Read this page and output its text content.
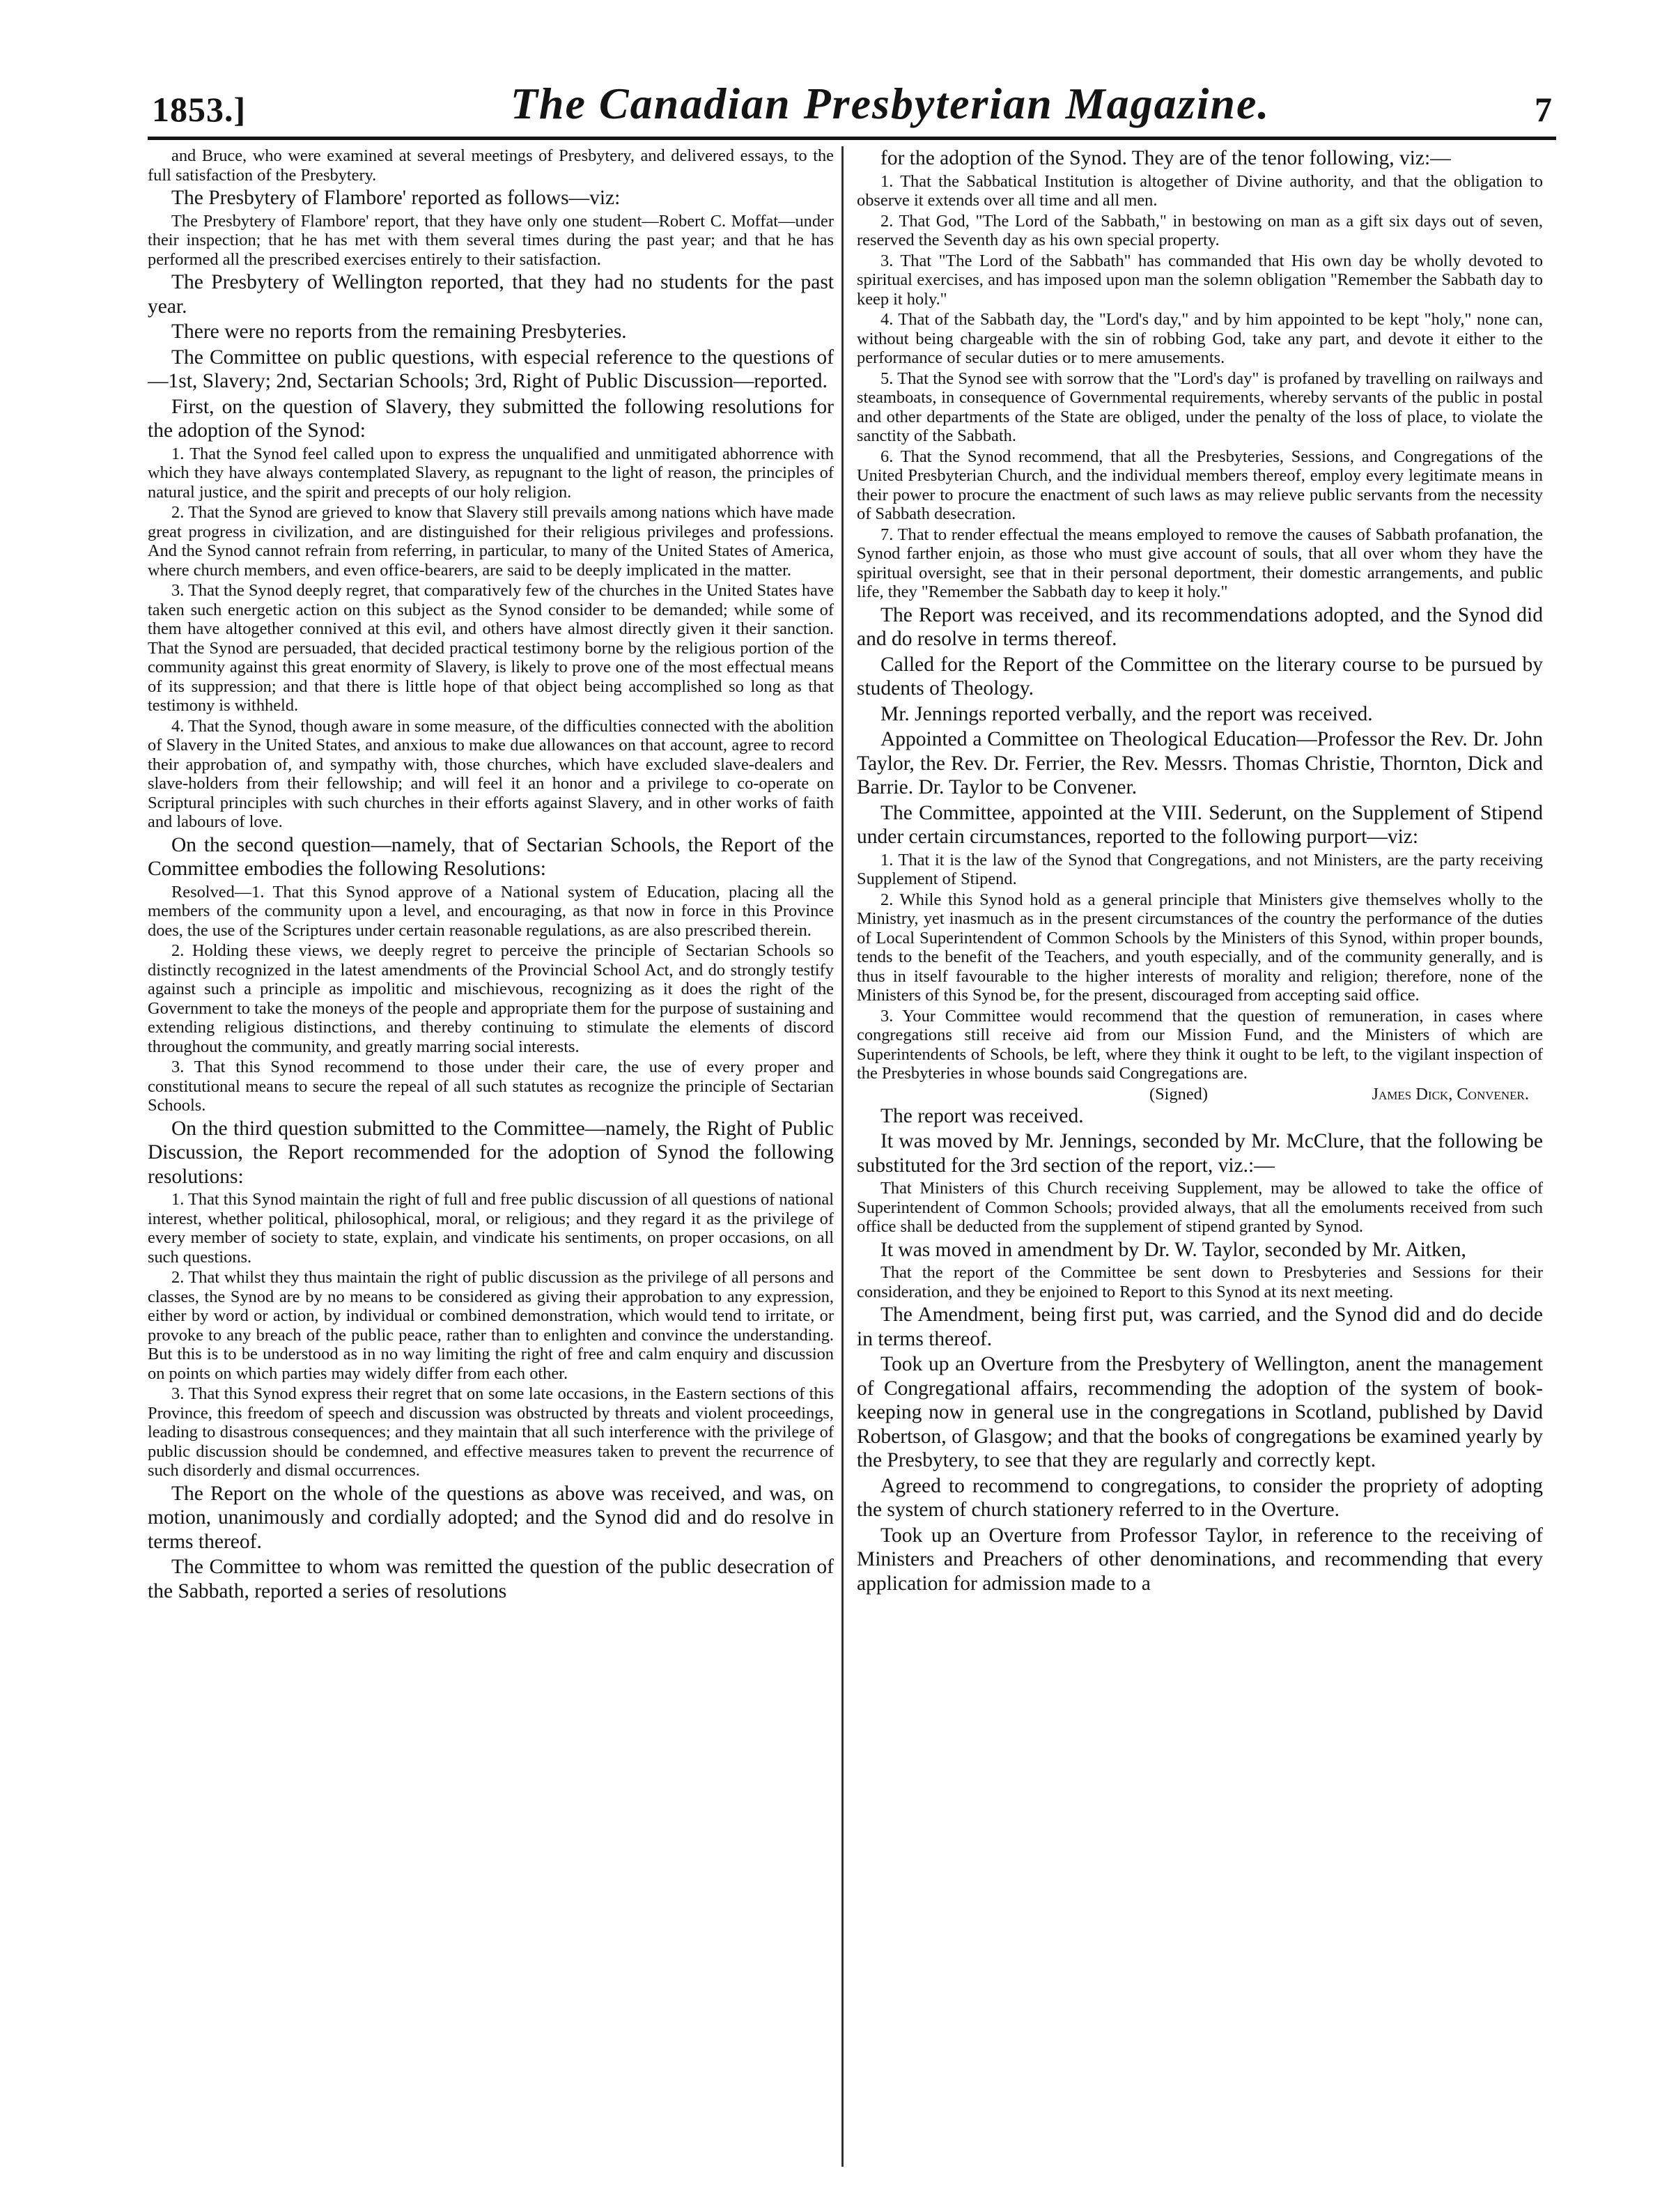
1853.]	The Canadian Presbyterian Magazine.	7

and Bruce, who were examined at several meetings of Presbytery, and delivered essays, to the full satisfaction of the Presbytery.

The Presbytery of Flambore' reported as follows—viz:

The Presbytery of Flambore' report, that they have only one student—Robert C. Moffat—under their inspection; that he has met with them several times during the past year; and that he has performed all the prescribed exercises entirely to their satisfaction.

The Presbytery of Wellington reported, that they had no students for the past year.

There were no reports from the remaining Presbyteries.

The Committee on public questions, with especial reference to the questions of—1st, Slavery; 2nd, Sectarian Schools; 3rd, Right of Public Discussion—reported.

First, on the question of Slavery, they submitted the following resolutions for the adoption of the Synod:

1. That the Synod feel called upon to express the unqualified and unmitigated abhorrence with which they have always contemplated Slavery, as repugnant to the light of reason, the principles of natural justice, and the spirit and precepts of our holy religion.

2. That the Synod are grieved to know that Slavery still prevails among nations which have made great progress in civilization, and are distinguished for their religious privileges and professions. And the Synod cannot refrain from referring, in particular, to many of the United States of America, where church members, and even office-bearers, are said to be deeply implicated in the matter.

3. That the Synod deeply regret, that comparatively few of the churches in the United States have taken such energetic action on this subject as the Synod consider to be demanded; while some of them have altogether connived at this evil, and others have almost directly given it their sanction. That the Synod are persuaded, that decided practical testimony borne by the religious portion of the community against this great enormity of Slavery, is likely to prove one of the most effectual means of its suppression; and that there is little hope of that object being accomplished so long as that testimony is withheld.

4. That the Synod, though aware in some measure, of the difficulties connected with the abolition of Slavery in the United States, and anxious to make due allowances on that account, agree to record their approbation of, and sympathy with, those churches, which have excluded slave-dealers and slave-holders from their fellowship; and will feel it an honor and a privilege to co-operate on Scriptural principles with such churches in their efforts against Slavery, and in other works of faith and labours of love.

On the second question—namely, that of Sectarian Schools, the Report of the Committee embodies the following Resolutions:

Resolved—1. That this Synod approve of a National system of Education, placing all the members of the community upon a level, and encouraging, as that now in force in this Province does, the use of the Scriptures under certain reasonable regulations, as are also prescribed therein.

2. Holding these views, we deeply regret to perceive the principle of Sectarian Schools so distinctly recognized in the latest amendments of the Provincial School Act, and do strongly testify against such a principle as impolitic and mischievous, recognizing as it does the right of the Government to take the moneys of the people and appropriate them for the purpose of sustaining and extending religious distinctions, and thereby continuing to stimulate the elements of discord throughout the community, and greatly marring social interests.

3. That this Synod recommend to those under their care, the use of every proper and constitutional means to secure the repeal of all such statutes as recognize the principle of Sectarian Schools.

On the third question submitted to the Committee—namely, the Right of Public Discussion, the Report recommended for the adoption of Synod the following resolutions:

1. That this Synod maintain the right of full and free public discussion of all questions of national interest, whether political, philosophical, moral, or religious; and they regard it as the privilege of every member of society to state, explain, and vindicate his sentiments, on proper occasions, on all such questions.

2. That whilst they thus maintain the right of public discussion as the privilege of all persons and classes, the Synod are by no means to be considered as giving their approbation to any expression, either by word or action, by individual or combined demonstration, which would tend to irritate, or provoke to any breach of the public peace, rather than to enlighten and convince the understanding. But this is to be understood as in no way limiting the right of free and calm enquiry and discussion on points on which parties may widely differ from each other.

3. That this Synod express their regret that on some late occasions, in the Eastern sections of this Province, this freedom of speech and discussion was obstructed by threats and violent proceedings, leading to disastrous consequences; and they maintain that all such interference with the privilege of public discussion should be condemned, and effective measures taken to prevent the recurrence of such disorderly and dismal occurrences.

The Report on the whole of the questions as above was received, and was, on motion, unanimously and cordially adopted; and the Synod did and do resolve in terms thereof.

The Committee to whom was remitted the question of the public desecration of the Sabbath, reported a series of resolutions

for the adoption of the Synod. They are of the tenor following, viz:—

1. That the Sabbatical Institution is altogether of Divine authority, and that the obligation to observe it extends over all time and all men.

2. That God, "The Lord of the Sabbath," in bestowing on man as a gift six days out of seven, reserved the Seventh day as his own special property.

3. That "The Lord of the Sabbath" has commanded that His own day be wholly devoted to spiritual exercises, and has imposed upon man the solemn obligation "Remember the Sabbath day to keep it holy."

4. That of the Sabbath day, the "Lord's day," and by him appointed to be kept "holy," none can, without being chargeable with the sin of robbing God, take any part, and devote it either to the performance of secular duties or to mere amusements.

5. That the Synod see with sorrow that the "Lord's day" is profaned by travelling on railways and steamboats, in consequence of Governmental requirements, whereby servants of the public in postal and other departments of the State are obliged, under the penalty of the loss of place, to violate the sanctity of the Sabbath.

6. That the Synod recommend, that all the Presbyteries, Sessions, and Congregations of the United Presbyterian Church, and the individual members thereof, employ every legitimate means in their power to procure the enactment of such laws as may relieve public servants from the necessity of Sabbath desecration.

7. That to render effectual the means employed to remove the causes of Sabbath profanation, the Synod farther enjoin, as those who must give account of souls, that all over whom they have the spiritual oversight, see that in their personal deportment, their domestic arrangements, and public life, they "Remember the Sabbath day to keep it holy."

The Report was received, and its recommendations adopted, and the Synod did and do resolve in terms thereof.

Called for the Report of the Committee on the literary course to be pursued by students of Theology.

Mr. Jennings reported verbally, and the report was received.

Appointed a Committee on Theological Education—Professor the Rev. Dr. John Taylor, the Rev. Dr. Ferrier, the Rev. Messrs. Thomas Christie, Thornton, Dick and Barrie. Dr. Taylor to be Convener.

The Committee, appointed at the VIII. Sederunt, on the Supplement of Stipend under certain circumstances, reported to the following purport—viz:

1. That it is the law of the Synod that Congregations, and not Ministers, are the party receiving Supplement of Stipend.

2. While this Synod hold as a general principle that Ministers give themselves wholly to the Ministry, yet inasmuch as in the present circumstances of the country the performance of the duties of Local Superintendent of Common Schools by the Ministers of this Synod, within proper bounds, tends to the benefit of the Teachers, and youth especially, and of the community generally, and is thus in itself favourable to the higher interests of morality and religion; therefore, none of the Ministers of this Synod be, for the present, discouraged from accepting said office.

3. Your Committee would recommend that the question of remuneration, in cases where congregations still receive aid from our Mission Fund, and the Ministers of which are Superintendents of Schools, be left, where they think it ought to be left, to the vigilant inspection of the Presbyteries in whose bounds said Congregations are.

(Signed)	James Dick, Convener.

The report was received.

It was moved by Mr. Jennings, seconded by Mr. McClure, that the following be substituted for the 3rd section of the report, viz.:—

That Ministers of this Church receiving Supplement, may be allowed to take the office of Superintendent of Common Schools; provided always, that all the emoluments received from such office shall be deducted from the supplement of stipend granted by Synod.

It was moved in amendment by Dr. W. Taylor, seconded by Mr. Aitken,

That the report of the Committee be sent down to Presbyteries and Sessions for their consideration, and they be enjoined to Report to this Synod at its next meeting.

The Amendment, being first put, was carried, and the Synod did and do decide in terms thereof.

Took up an Overture from the Presbytery of Wellington, anent the management of Congregational affairs, recommending the adoption of the system of book-keeping now in general use in the congregations in Scotland, published by David Robertson, of Glasgow; and that the books of congregations be examined yearly by the Presbytery, to see that they are regularly and correctly kept.

Agreed to recommend to congregations, to consider the propriety of adopting the system of church stationery referred to in the Overture.

Took up an Overture from Professor Taylor, in reference to the receiving of Ministers and Preachers of other denominations, and recommending that every application for admission made to a
